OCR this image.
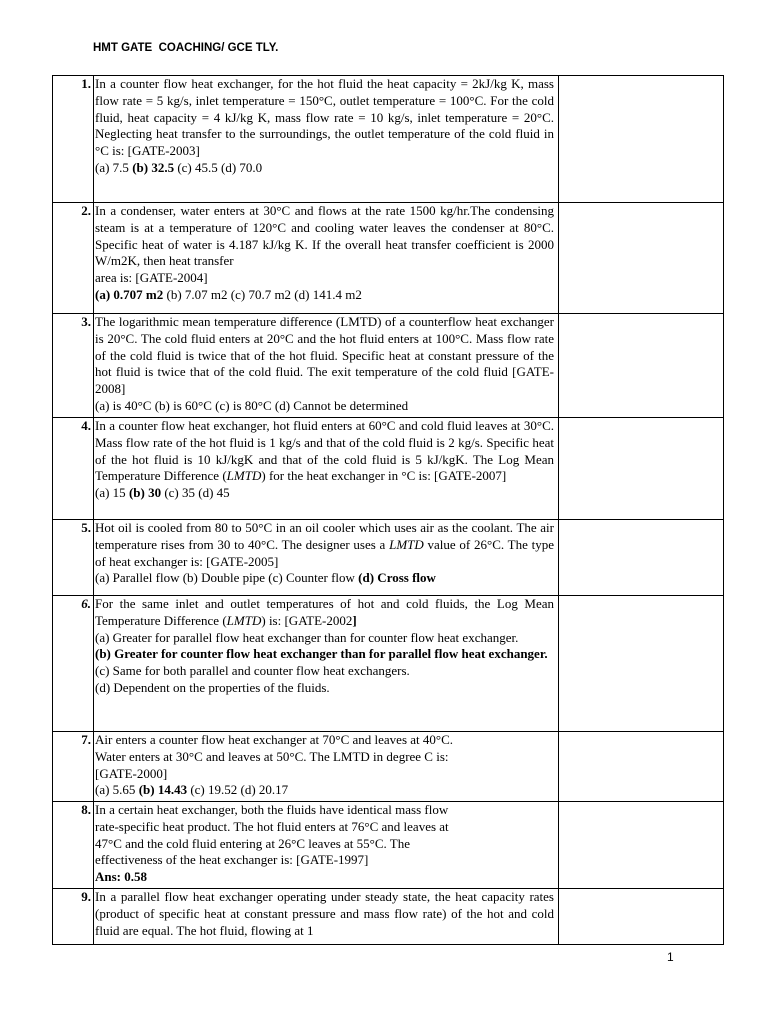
HMT GATE  COACHING/ GCE TLY.
1.	In a counter flow heat exchanger, for the hot fluid the heat capacity = 2kJ/kg K, mass flow rate = 5 kg/s, inlet temperature = 150°C, outlet temperature = 100°C. For the cold fluid, heat capacity = 4 kJ/kg K, mass flow rate = 10 kg/s, inlet temperature = 20°C. Neglecting heat transfer to the surroundings, the outlet temperature of the cold fluid in °C is: [GATE-2003]
(a) 7.5 (b) 32.5 (c) 45.5 (d) 70.0	

2.	In a condenser, water enters at 30°C and flows at the rate 1500 kg/hr.The condensing steam is at a temperature of 120°C and cooling water leaves the condenser at 80°C. Specific heat of water is 4.187 kJ/kg K. If the overall heat transfer coefficient is 2000 W/m2K, then heat transfer
area is: [GATE-2004]
(a) 0.707 m2 (b) 7.07 m2 (c) 70.7 m2 (d) 141.4 m2	

3.	The logarithmic mean temperature difference (LMTD) of a counterflow heat exchanger is 20°C. The cold fluid enters at 20°C and the hot fluid enters at 100°C. Mass flow rate of the cold fluid is twice that of the hot fluid. Specific heat at constant pressure of the hot fluid is twice that of the cold fluid. The exit temperature of the cold fluid [GATE-2008]
(a) is 40°C (b) is 60°C (c) is 80°C (d) Cannot be determined	

4.	In a counter flow heat exchanger, hot fluid enters at 60°C and cold fluid leaves at 30°C. Mass flow rate of the hot fluid is 1 kg/s and that of the cold fluid is 2 kg/s. Specific heat of the hot fluid is 10 kJ/kgK and that of the cold fluid is 5 kJ/kgK. The Log Mean Temperature Difference (LMTD) for the heat exchanger in °C is: [GATE-2007]
(a) 15 (b) 30 (c) 35 (d) 45	

5.	Hot oil is cooled from 80 to 50°C in an oil cooler which uses air as the coolant. The air temperature rises from 30 to 40°C. The designer uses a LMTD value of 26°C. The type of heat exchanger is: [GATE-2005]
(a) Parallel flow (b) Double pipe (c) Counter flow (d) Cross flow	

6.	For the same inlet and outlet temperatures of hot and cold fluids, the Log Mean Temperature Difference (LMTD) is: [GATE-2002]
(a) Greater for parallel flow heat exchanger than for counter flow heat exchanger.
(b) Greater for counter flow heat exchanger than for parallel flow heat exchanger.
(c) Same for both parallel and counter flow heat exchangers.
(d) Dependent on the properties of the fluids.	

7.	Air enters a counter flow heat exchanger at 70°C and leaves at 40°C.
Water enters at 30°C and leaves at 50°C. The LMTD in degree C is:
[GATE-2000]
(a) 5.65 (b) 14.43 (c) 19.52 (d) 20.17	

8.	In a certain heat exchanger, both the fluids have identical mass flow
rate-specific heat product. The hot fluid enters at 76°C and leaves at
47°C and the cold fluid entering at 26°C leaves at 55°C. The
effectiveness of the heat exchanger is: [GATE-1997]
Ans: 0.58	

9.	In a parallel flow heat exchanger operating under steady state, the heat capacity rates (product of specific heat at constant pressure and mass flow rate) of the hot and cold fluid are equal. The hot fluid, flowing at 1	
1
